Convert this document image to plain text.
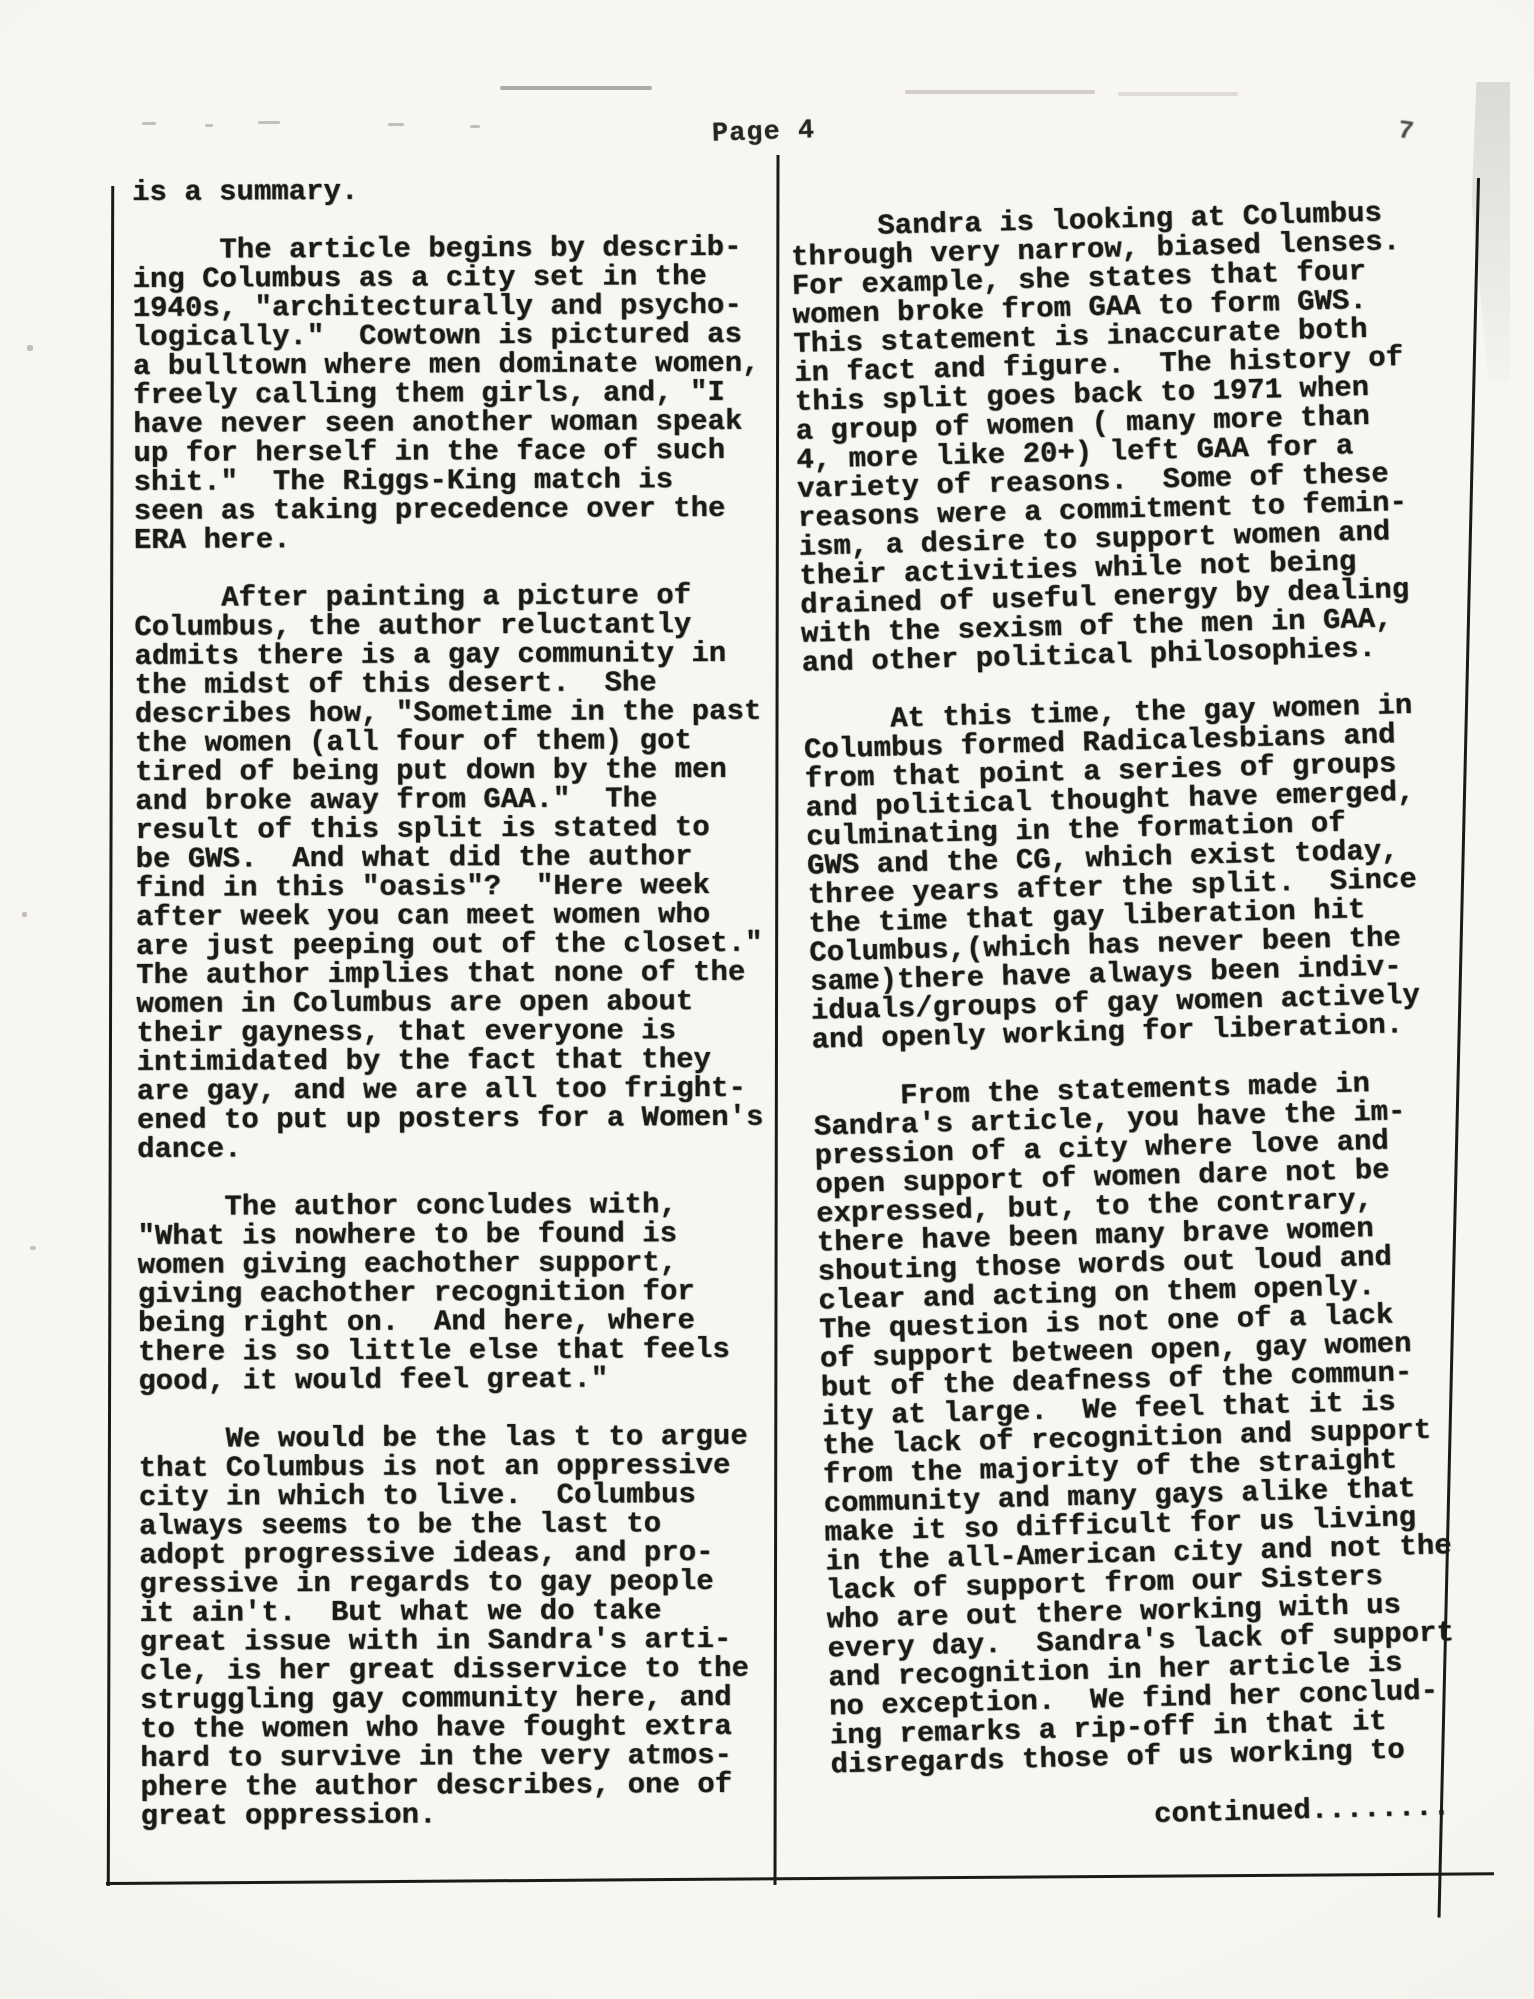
Page 4	7
is a summary.
The article begins by describ-
ing Columbus as a city set in the
1940s, "architecturally and psycho-
logically."  Cowtown is pictured as
a bulltown where men dominate women,
freely calling them girls, and, "I
have never seen another woman speak
up for herself in the face of such
shit."  The Riggs-King match is
seen as taking precedence over the
ERA here.
After painting a picture of
Columbus, the author reluctantly
admits there is a gay community in
the midst of this desert.  She
describes how, "Sometime in the past
the women (all four of them) got
tired of being put down by the men
and broke away from GAA."  The
result of this split is stated to
be GWS.  And what did the author
find in this "oasis"?  "Here week
after week you can meet women who
are just peeping out of the closet."
The author implies that none of the
women in Columbus are open about
their gayness, that everyone is
intimidated by the fact that they
are gay, and we are all too fright-
ened to put up posters for a Women's
dance.
The author concludes with,
"What is nowhere to be found is
women giving eachother support,
giving eachother recognition for
being right on.  And here, where
there is so little else that feels
good, it would feel great."
We would be the las t to argue
that Columbus is not an oppressive
city in which to live.  Columbus
always seems to be the last to
adopt progressive ideas, and pro-
gressive in regards to gay people
it ain't.  But what we do take
great issue with in Sandra's arti-
cle, is her great disservice to the
struggling gay community here, and
to the women who have fought extra
hard to survive in the very atmos-
phere the author describes, one of
great oppression.
Sandra is looking at Columbus
through very narrow, biased lenses.
For example, she states that four
women broke from GAA to form GWS.
This statement is inaccurate both
in fact and figure.  The history of
this split goes back to 1971 when
a group of women ( many more than
4, more like 20+) left GAA for a
variety of reasons.  Some of these
reasons were a commitment to femin-
ism, a desire to support women and
their activities while not being
drained of useful energy by dealing
with the sexism of the men in GAA,
and other political philosophies.
At this time, the gay women in
Columbus formed Radicalesbians and
from that point a series of groups
and political thought have emerged,
culminating in the formation of
GWS and the CG, which exist today,
three years after the split.  Since
the time that gay liberation hit
Columbus,(which has never been the
same)there have always been indiv-
iduals/groups of gay women actively
and openly working for liberation.
From the statements made in
Sandra's article, you have the im-
pression of a city where love and
open support of women dare not be
expressed, but, to the contrary,
there have been many brave women
shouting those words out loud and
clear and acting on them openly.
The question is not one of a lack
of support between open, gay women
but of the deafness of the commun-
ity at large.  We feel that it is
the lack of recognition and support
from the majority of the straight
community and many gays alike that
make it so difficult for us living
in the all-American city and not the
lack of support from our Sisters
who are out there working with us
every day.  Sandra's lack of support
and recognition in her article is
no exception.  We find her conclud-
ing remarks a rip-off in that it
disregards those of us working to
continued........
